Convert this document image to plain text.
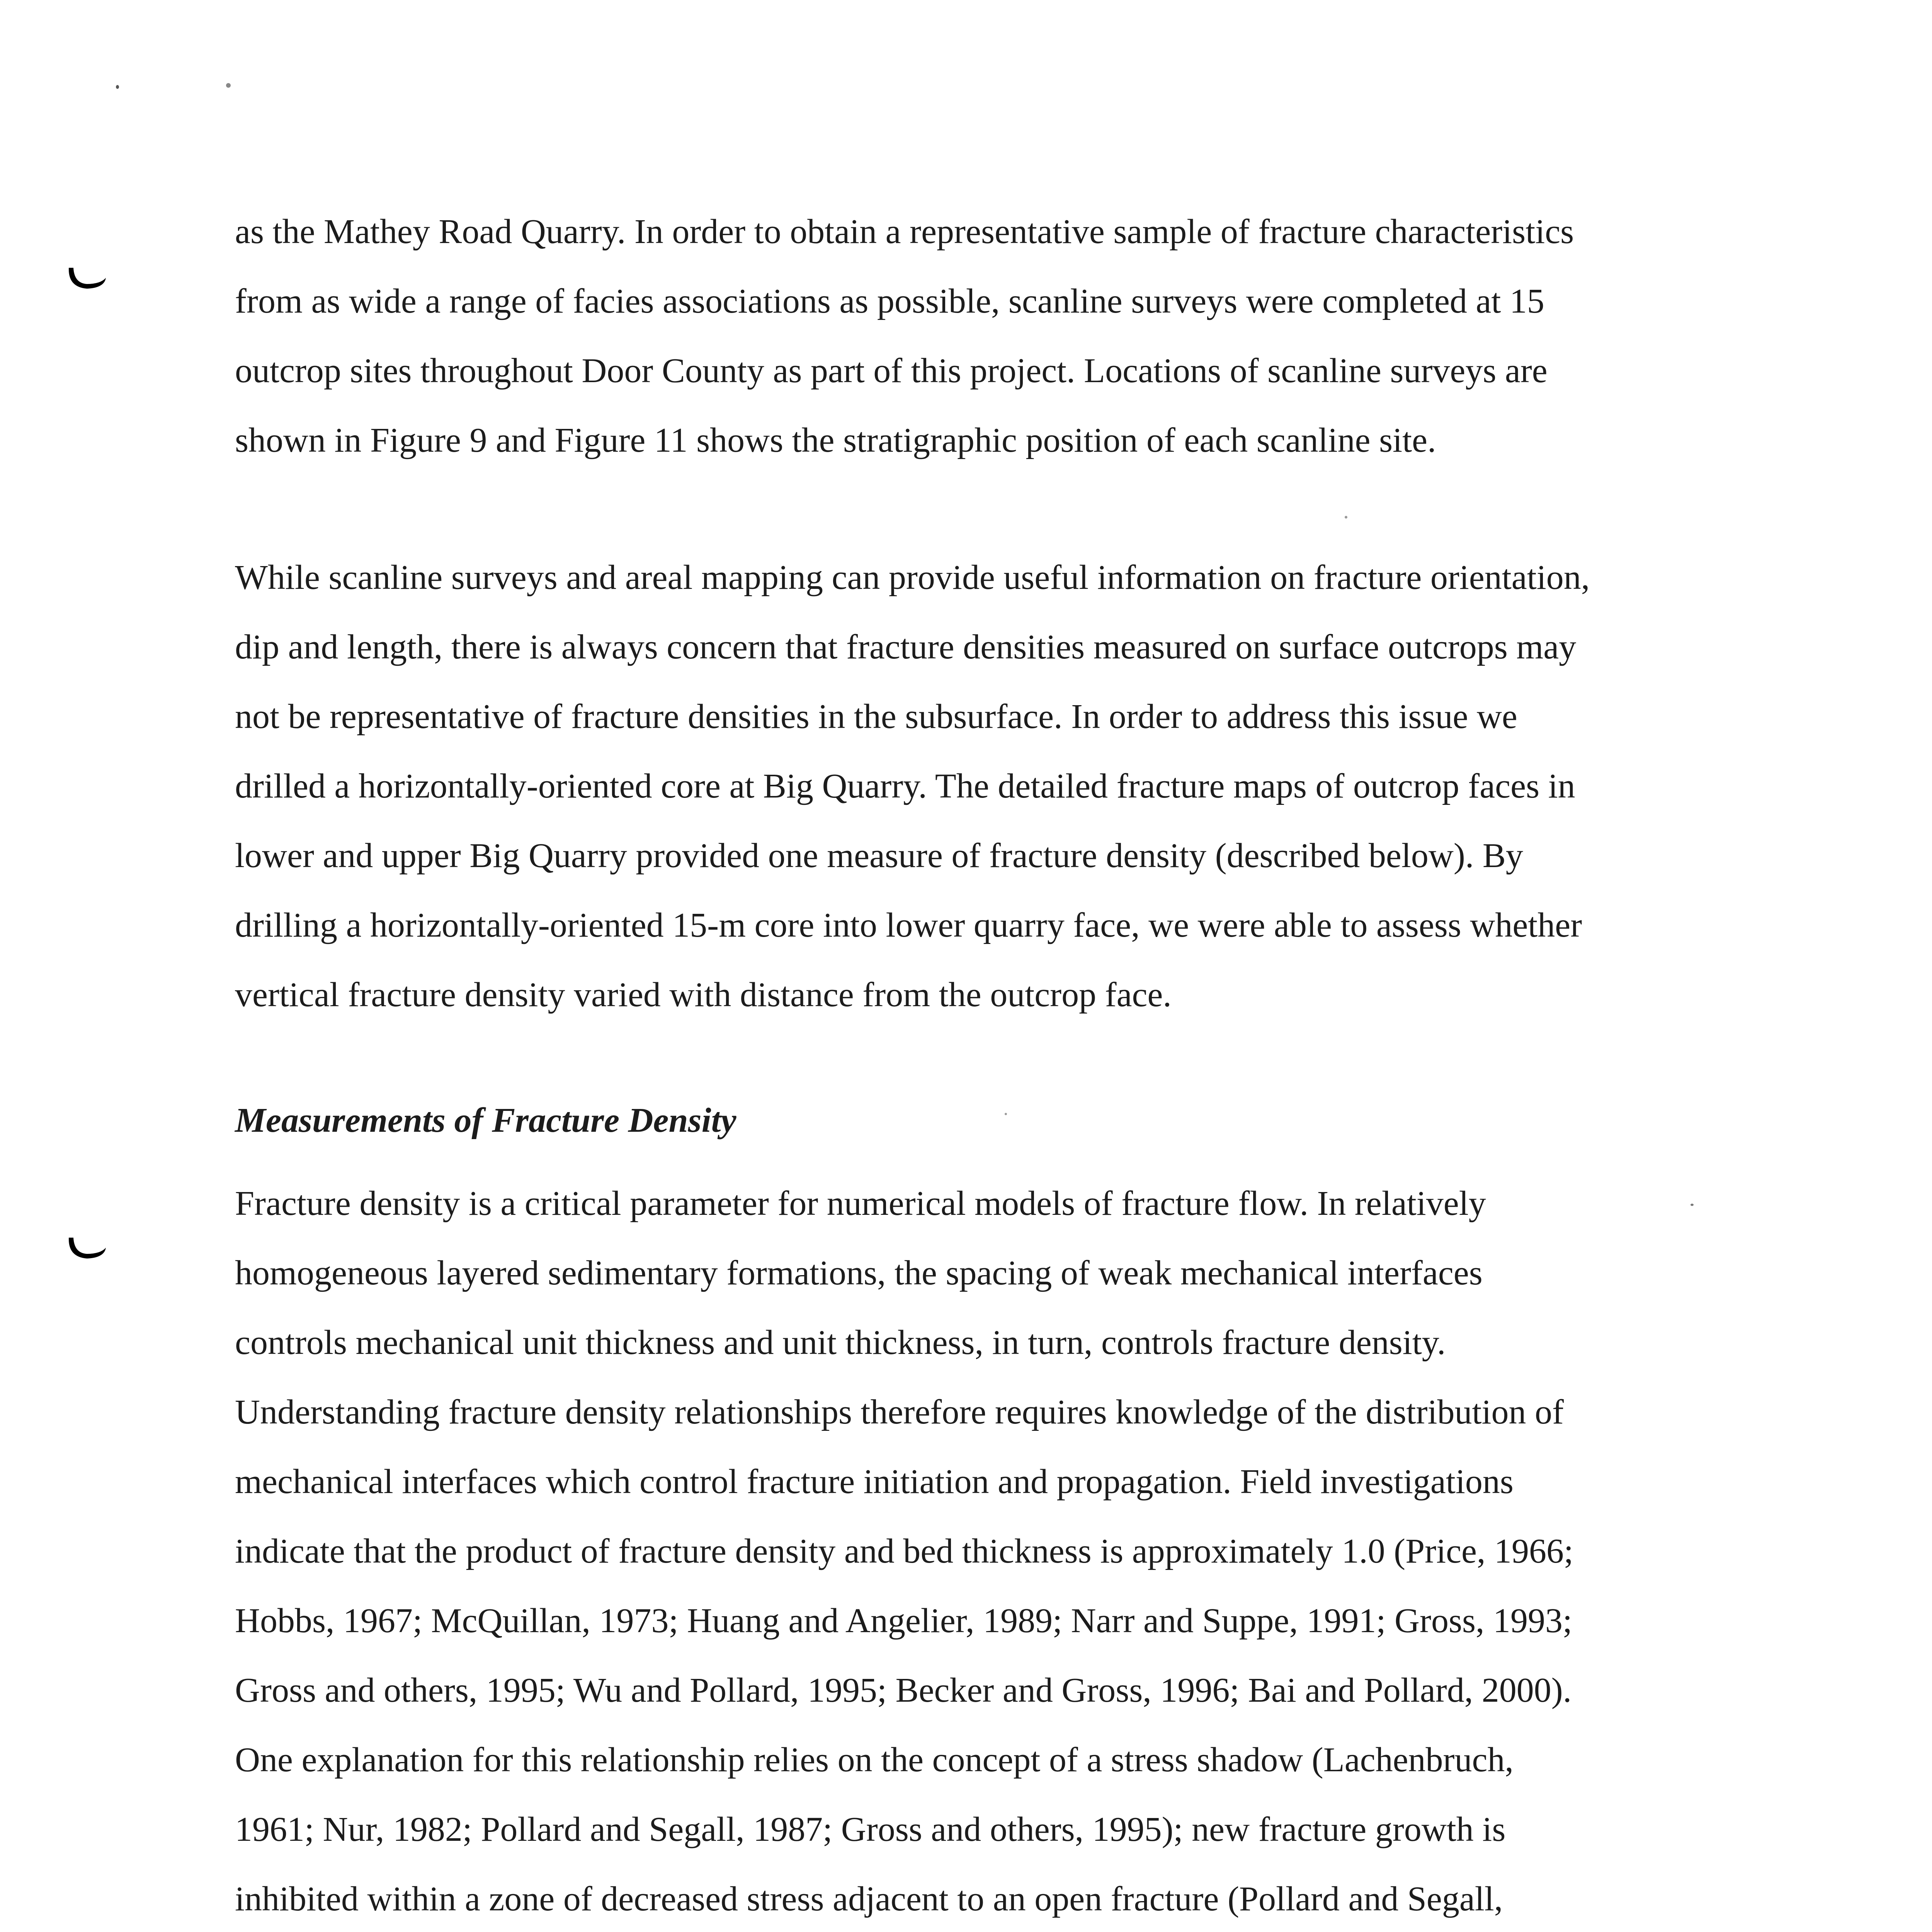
as the Mathey Road Quarry. In order to obtain a representative sample of fracture characteristics
from as wide a range of facies associations as possible, scanline surveys were completed at 15
outcrop sites throughout Door County as part of this project. Locations of scanline surveys are
shown in Figure 9 and Figure 11 shows the stratigraphic position of each scanline site.

While scanline surveys and areal mapping can provide useful information on fracture orientation,
dip and length, there is always concern that fracture densities measured on surface outcrops may
not be representative of fracture densities in the subsurface. In order to address this issue we
drilled a horizontally-oriented core at Big Quarry. The detailed fracture maps of outcrop faces in
lower and upper Big Quarry provided one measure of fracture density (described below). By
drilling a horizontally-oriented 15-m core into lower quarry face, we were able to assess whether
vertical fracture density varied with distance from the outcrop face.

Measurements of Fracture Density

Fracture density is a critical parameter for numerical models of fracture flow. In relatively
homogeneous layered sedimentary formations, the spacing of weak mechanical interfaces
controls mechanical unit thickness and unit thickness, in turn, controls fracture density.
Understanding fracture density relationships therefore requires knowledge of the distribution of
mechanical interfaces which control fracture initiation and propagation. Field investigations
indicate that the product of fracture density and bed thickness is approximately 1.0 (Price, 1966;
Hobbs, 1967; McQuillan, 1973; Huang and Angelier, 1989; Narr and Suppe, 1991; Gross, 1993;
Gross and others, 1995; Wu and Pollard, 1995; Becker and Gross, 1996; Bai and Pollard, 2000).
One explanation for this relationship relies on the concept of a stress shadow (Lachenbruch,
1961; Nur, 1982; Pollard and Segall, 1987; Gross and others, 1995); new fracture growth is
inhibited within a zone of decreased stress adjacent to an open fracture (Pollard and Segall,
